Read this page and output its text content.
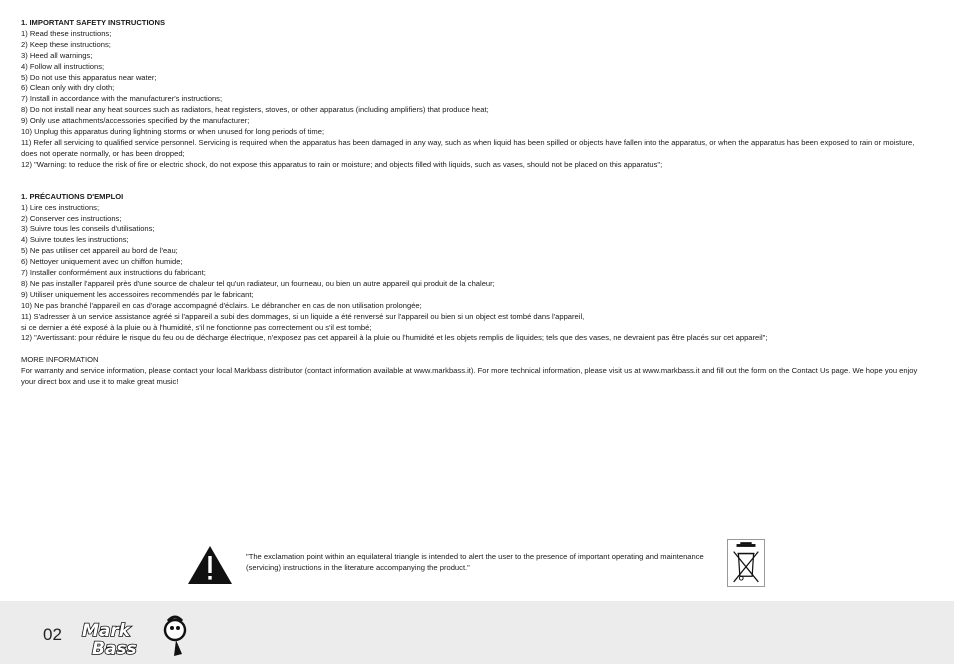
1. IMPORTANT SAFETY INSTRUCTIONS

1) Read these instructions;

2) Keep these instructions;

3) Heed all warnings;

4) Follow all instructions;

5) Do not use this apparatus near water;

6) Clean only with dry cloth;

7) Install in accordance with the manufacturer's instructions;

8) Do not install near any heat sources such as radiators, heat registers, stoves, or other apparatus (including amplifiers) that produce heat;

9) Only use attachments/accessories specified by the manufacturer;

10) Unplug this apparatus during lightning storms or when unused for long periods of time;

11) Refer all servicing to qualified service personnel. Servicing is required when the apparatus has been damaged in any way, such as when liquid has been spilled or objects have fallen into the apparatus, or when the apparatus has been exposed to rain or moisture, does not operate normally, or has been dropped;

12) "Warning: to reduce the risk of fire or electric shock, do not expose this apparatus to rain or moisture; and objects filled with liquids, such as vases, should not be placed on this apparatus";

1. PRÉCAUTIONS D'EMPLOI

1) Lire ces instructions;

2) Conserver ces instructions;

3) Suivre tous les conseils d'utilisations;

4) Suivre toutes les instructions;

5) Ne pas utiliser cet appareil au bord de l'eau;

6) Nettoyer uniquement avec un chiffon humide;

7) Installer conformément aux instructions du fabricant;

8) Ne pas installer l'appareil près d'une source de chaleur tel qu'un radiateur, un fourneau, ou bien un autre appareil qui produit de la chaleur;

9) Utiliser uniquement les accessoires recommendés par le fabricant;

10) Ne pas branché l'appareil en cas d'orage accompagné d'éclairs. Le débrancher en cas de non utilisation prolongée;

11) S'adresser à un service assistance agréé si l'appareil a subi des dommages, si un liquide a été renversé sur l'appareil ou bien si un object est tombé dans l'appareil,

si ce dernier a été exposé à la pluie ou à l'humidité, s'il ne fonctionne pas correctement ou s'il est tombé;

12) "Avertissant: pour réduire le risque du feu ou de décharge électrique, n'exposez pas cet appareil à la pluie ou l'humidité et les objets remplis de liquides; tels que des vases, ne devraient pas être placés sur cet appareil";

MORE INFORMATION

For warranty and service information, please contact your local Markbass distributor (contact information available at www.markbass.it). For more technical information, please visit us at www.markbass.it and fill out the form on the Contact Us page. We hope you enjoy your direct box and use it to make great music!

"The exclamation point within an equilateral triangle is intended to alert the user to the presence of important operating and maintenance (servicing) instructions in the literature accompanying the product."

02 Mark
Bass
